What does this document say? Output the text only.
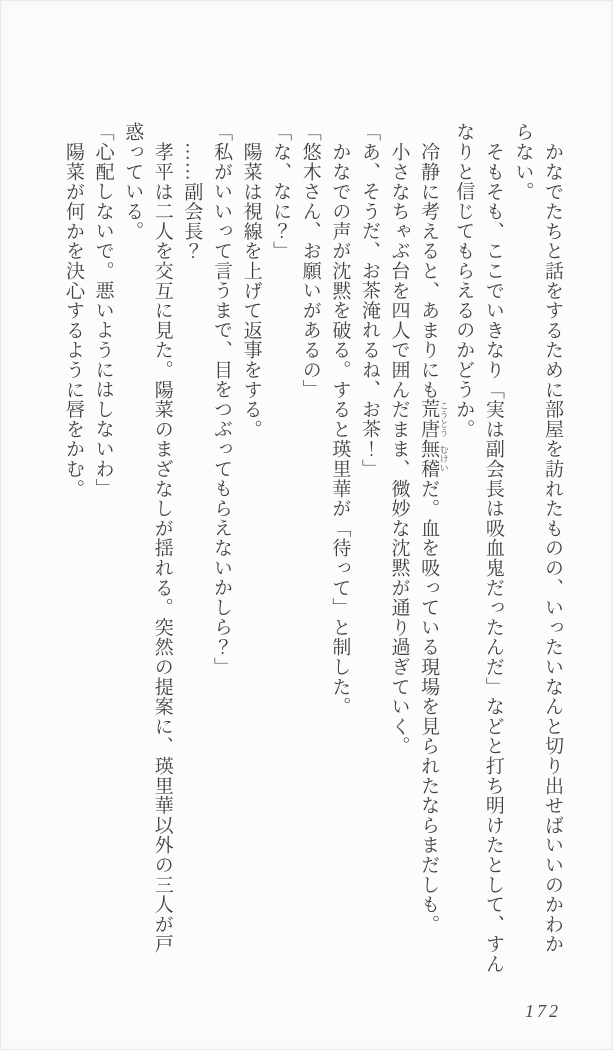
かなでたちと話をするために部屋を訪れたものの、いったいなんと切り出せばいいのかわか

らない。

そもそも、ここでいきなり「実は副会長は吸血鬼だったんだ」などと打ち明けたとして、すん

なりと信じてもらえるのかどうか。

冷静に考えると、あまりにも荒唐 こうとう無稽 むけいだ。血を吸っている現場を見られたならまだしも。

小さなちゃぶ台を四人で囲んだまま、微妙な沈黙が通り過ぎていく。

「あ、そうだ、お茶淹れるね、お茶！」

かなでの声が沈黙を破る。すると瑛里華が「待って」と制した。

「悠木さん、お願いがあるの」

「な、なに？」

陽菜は視線を上げて返事をする。

「私がいいって言うまで、目をつぶってもらえないかしら？」

……副会長？

孝平は二人を交互に見た。陽菜のまざなしが揺れる。突然の提案に、瑛里華以外の三人が戸

惑っている。

「心配しないで。悪いようにはしないわ」

陽菜が何かを決心するように唇をかむ。

172
